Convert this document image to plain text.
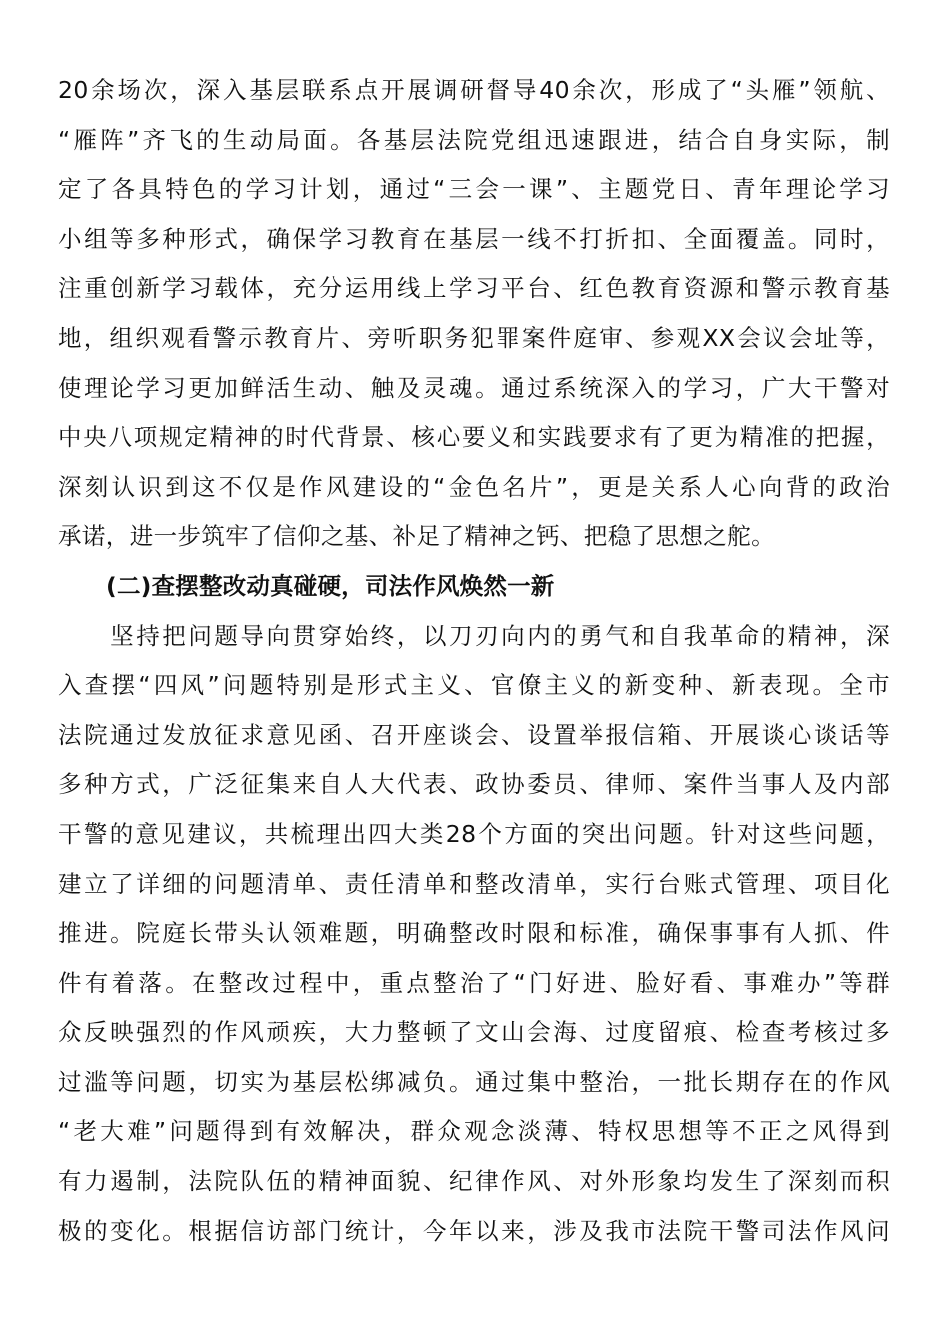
20余场次，深入基层联系点开展调研督导40余次，形成了“头雁”领航、
“雁阵”齐飞的生动局面。各基层法院党组迅速跟进，结合自身实际，制
定了各具特色的学习计划，通过“三会一课”、主题党日、青年理论学习
小组等多种形式，确保学习教育在基层一线不打折扣、全面覆盖。同时，
注重创新学习载体，充分运用线上学习平台、红色教育资源和警示教育基
地，组织观看警示教育片、旁听职务犯罪案件庭审、参观XX会议会址等，
使理论学习更加鲜活生动、触及灵魂。通过系统深入的学习，广大干警对
中央八项规定精神的时代背景、核心要义和实践要求有了更为精准的把握，
深刻认识到这不仅是作风建设的“金色名片”，更是关系人心向背的政治
承诺，进一步筑牢了信仰之基、补足了精神之钙、把稳了思想之舵。
(二)查摆整改动真碰硬，司法作风焕然一新
　　坚持把问题导向贯穿始终，以刀刃向内的勇气和自我革命的精神，深
入查摆“四风”问题特别是形式主义、官僚主义的新变种、新表现。全市
法院通过发放征求意见函、召开座谈会、设置举报信箱、开展谈心谈话等
多种方式，广泛征集来自人大代表、政协委员、律师、案件当事人及内部
干警的意见建议，共梳理出四大类28个方面的突出问题。针对这些问题，
建立了详细的问题清单、责任清单和整改清单，实行台账式管理、项目化
推进。院庭长带头认领难题，明确整改时限和标准，确保事事有人抓、件
件有着落。在整改过程中，重点整治了“门好进、脸好看、事难办”等群
众反映强烈的作风顽疾，大力整顿了文山会海、过度留痕、检查考核过多
过滥等问题，切实为基层松绑减负。通过集中整治，一批长期存在的作风
“老大难”问题得到有效解决，群众观念淡薄、特权思想等不正之风得到
有力遏制，法院队伍的精神面貌、纪律作风、对外形象均发生了深刻而积
极的变化。根据信访部门统计，今年以来，涉及我市法院干警司法作风问
